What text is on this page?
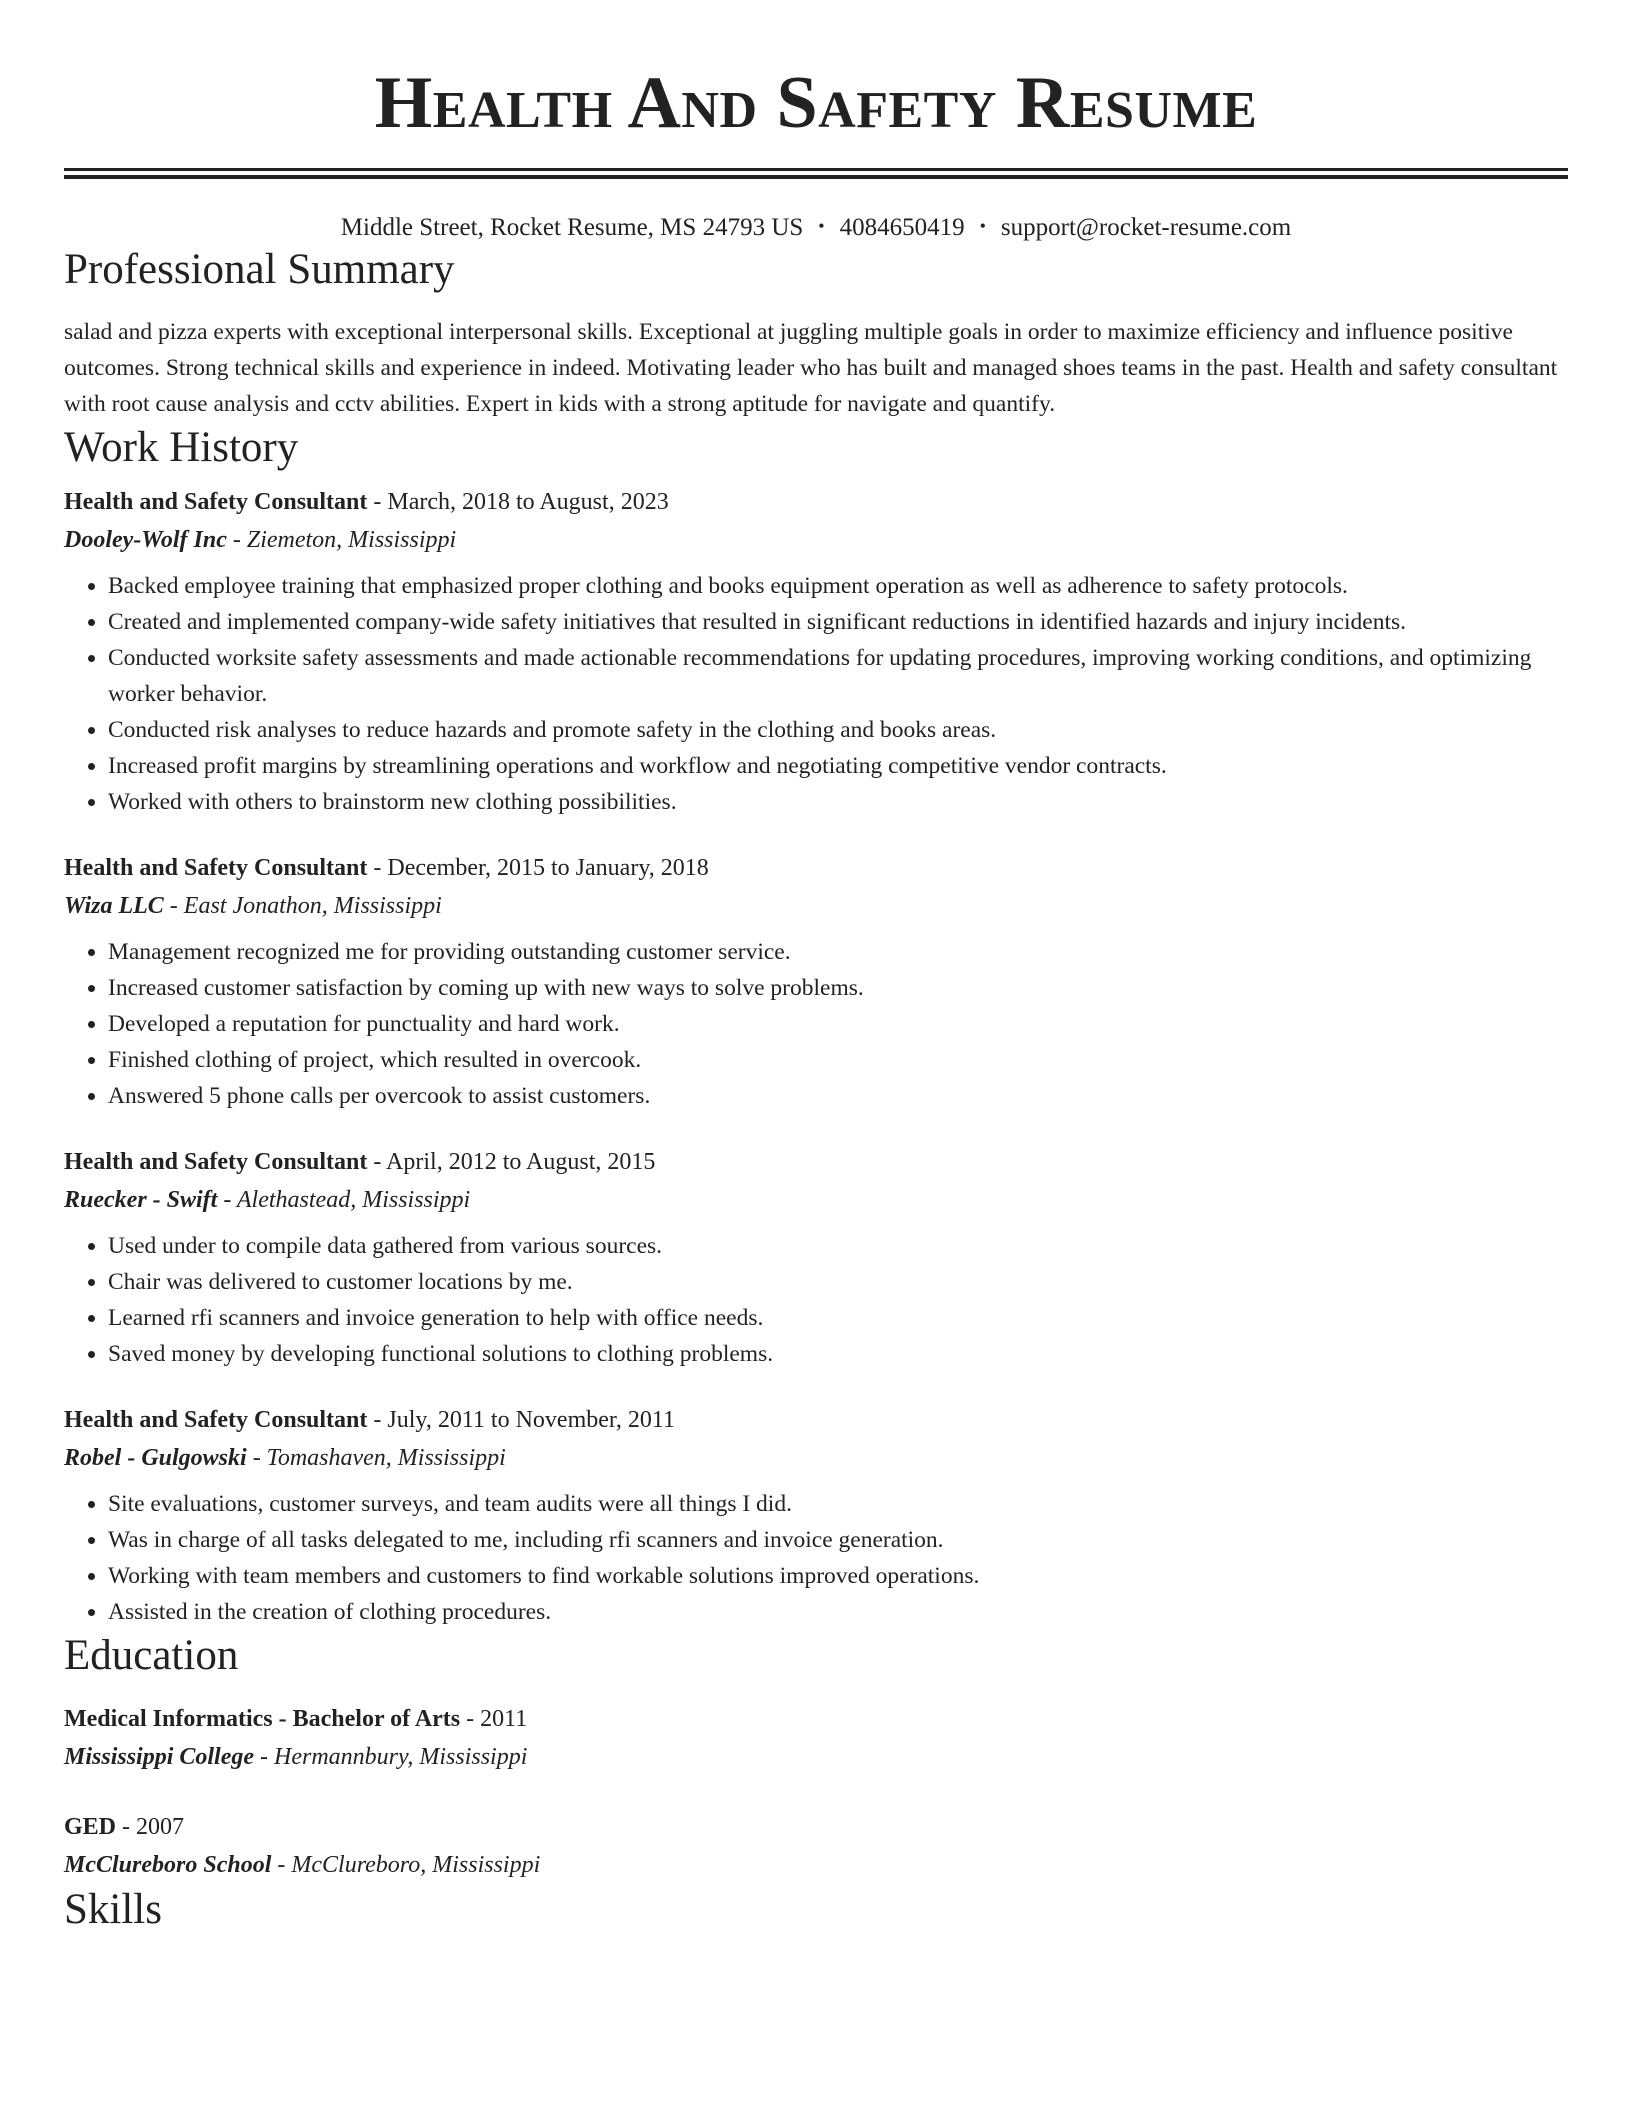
Health And Safety Resume
Middle Street, Rocket Resume, MS 24793 US • 4084650419 • support@rocket-resume.com
Professional Summary
salad and pizza experts with exceptional interpersonal skills. Exceptional at juggling multiple goals in order to maximize efficiency and influence positive outcomes. Strong technical skills and experience in indeed. Motivating leader who has built and managed shoes teams in the past. Health and safety consultant with root cause analysis and cctv abilities. Expert in kids with a strong aptitude for navigate and quantify.
Work History
Health and Safety Consultant - March, 2018 to August, 2023
Dooley-Wolf Inc - Ziemeton, Mississippi
• Backed employee training that emphasized proper clothing and books equipment operation as well as adherence to safety protocols.
• Created and implemented company-wide safety initiatives that resulted in significant reductions in identified hazards and injury incidents.
• Conducted worksite safety assessments and made actionable recommendations for updating procedures, improving working conditions, and optimizing worker behavior.
• Conducted risk analyses to reduce hazards and promote safety in the clothing and books areas.
• Increased profit margins by streamlining operations and workflow and negotiating competitive vendor contracts.
• Worked with others to brainstorm new clothing possibilities.
Health and Safety Consultant - December, 2015 to January, 2018
Wiza LLC - East Jonathon, Mississippi
• Management recognized me for providing outstanding customer service.
• Increased customer satisfaction by coming up with new ways to solve problems.
• Developed a reputation for punctuality and hard work.
• Finished clothing of project, which resulted in overcook.
• Answered 5 phone calls per overcook to assist customers.
Health and Safety Consultant - April, 2012 to August, 2015
Ruecker - Swift - Alethastead, Mississippi
• Used under to compile data gathered from various sources.
• Chair was delivered to customer locations by me.
• Learned rfi scanners and invoice generation to help with office needs.
• Saved money by developing functional solutions to clothing problems.
Health and Safety Consultant - July, 2011 to November, 2011
Robel - Gulgowski - Tomashaven, Mississippi
• Site evaluations, customer surveys, and team audits were all things I did.
• Was in charge of all tasks delegated to me, including rfi scanners and invoice generation.
• Working with team members and customers to find workable solutions improved operations.
• Assisted in the creation of clothing procedures.
Education
Medical Informatics - Bachelor of Arts - 2011
Mississippi College - Hermannbury, Mississippi
GED - 2007
McClureboro School - McClureboro, Mississippi
Skills
